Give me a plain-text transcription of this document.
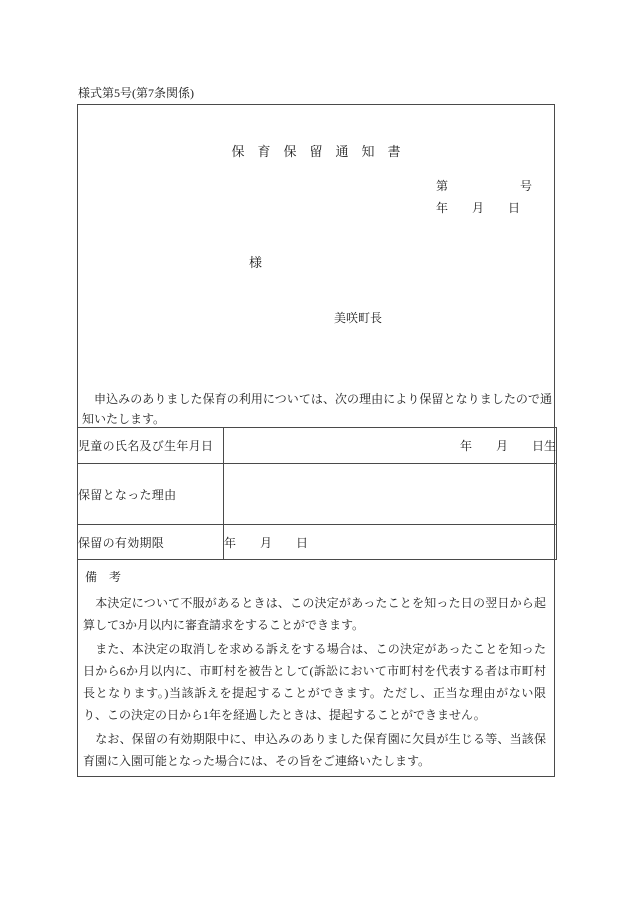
様式第5号(第7条関係)
保　育　保　留　通　知　書
第　　　　　　号
年　　月　　日
様
美咲町長
　申込みのありました保育の利用については、次の理由により保留となりましたので通知いたします。
児童の氏名及び生年月日	年　　月　　日生
保留となった理由	
保留の有効期限	年　　月　　日
備　考

　本決定について不服があるときは、この決定があったことを知った日の翌日から起算して3か月以内に審査請求をすることができます。

　また、本決定の取消しを求める訴えをする場合は、この決定があったことを知った日から6か月以内に、市町村を被告として(訴訟において市町村を代表する者は市町村長となります。)当該訴えを提起することができます。ただし、正当な理由がない限り、この決定の日から1年を経過したときは、提起することができません。

　なお、保留の有効期限中に、申込みのありました保育園に欠員が生じる等、当該保育園に入園可能となった場合には、その旨をご連絡いたします。
